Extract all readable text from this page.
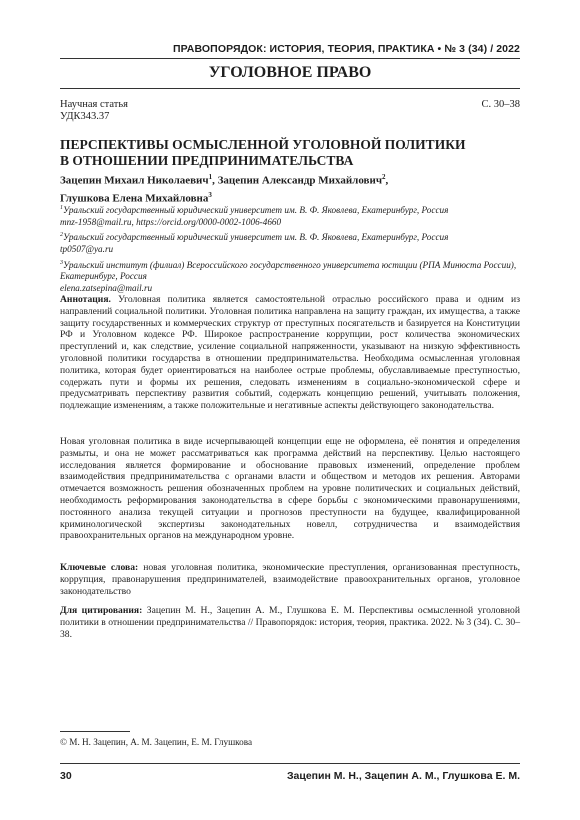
ПРАВОПОРЯДОК: ИСТОРИЯ, ТЕОРИЯ, ПРАКТИКА • № 3 (34) / 2022
УГОЛОВНОЕ ПРАВО
Научная статья
УДК343.37
С. 30–38
ПЕРСПЕКТИВЫ ОСМЫСЛЕННОЙ УГОЛОВНОЙ ПОЛИТИКИ
В ОТНОШЕНИИ ПРЕДПРИНИМАТЕЛЬСТВА
Зацепин Михаил Николаевич$^1$, Зацепин Александр Михайлович$^2$,
Глушкова Елена Михайловна$^3$

$^1$Уральский государственный юридический университет им. В. Ф. Яковлева, Екатеринбург, Россия
mnz-1958@mail.ru, https://orcid.org/0000-0002-1006-4660

$^2$Уральский государственный юридический университет им. В. Ф. Яковлева, Екатеринбург, Россия
tp0507@ya.ru

$^3$Уральский институт (филиал) Всероссийского государственного университета юстиции (РПА Минюста России), Екатеринбург, Россия
elena.zatsepina@mail.ru

Аннотация. Уголовная политика является самостоятельной отраслью российского права и одним из направлений социальной политики. Уголовная политика направлена на защиту граждан, их имущества, а также защиту государственных и коммерческих структур от преступных посягательств и базируется на Конституции РФ и Уголовном кодексе РФ. Широкое распространение коррупции, рост количества экономических преступлений и, как следствие, усиление социальной напряженности, указывают на низкую эффективность уголовной политики государства в отношении предпринимательства. Необходима осмысленная уголовная политика, которая будет ориентироваться на наиболее острые проблемы, обуславливаемые преступностью, содержать пути и формы их решения, следовать изменениям в социально-экономической сфере и предусматривать перспективу развития событий, содержать концепцию решений, учитывать положения, подлежащие изменениям, а также положительные и негативные аспекты действующего законодательства.
Новая уголовная политика в виде исчерпывающей концепции еще не оформлена, её понятия и определения размыты, и она не может рассматриваться как программа действий на перспективу. Целью настоящего исследования является формирование и обоснование правовых изменений, определение проблем взаимодействия предпринимательства с органами власти и обществом и методов их решения. Авторами отмечается возможность решения обозначенных проблем на уровне политических и социальных действий, необходимость реформирования законодательства в сфере борьбы с экономическими правонарушениями, постоянного анализа текущей ситуации и прогнозов преступности на будущее, квалифицированной криминологической экспертизы законодательных новелл, сотрудничества и взаимодействия правоохранительных органов на международном уровне.
Ключевые слова: новая уголовная политика, экономические преступления, организованная преступность, коррупция, правонарушения предпринимателей, взаимодействие правоохранительных органов, уголовное законодательство
Для цитирования: Зацепин М. Н., Зацепин А. М., Глушкова Е. М. Перспективы осмысленной уголовной политики в отношении предпринимательства // Правопорядок: история, теория, практика. 2022. № 3 (34). С. 30–38.
© М. Н. Зацепин, А. М. Зацепин, Е. М. Глушкова
30	Зацепин М. Н., Зацепин А. М., Глушкова Е. М.
